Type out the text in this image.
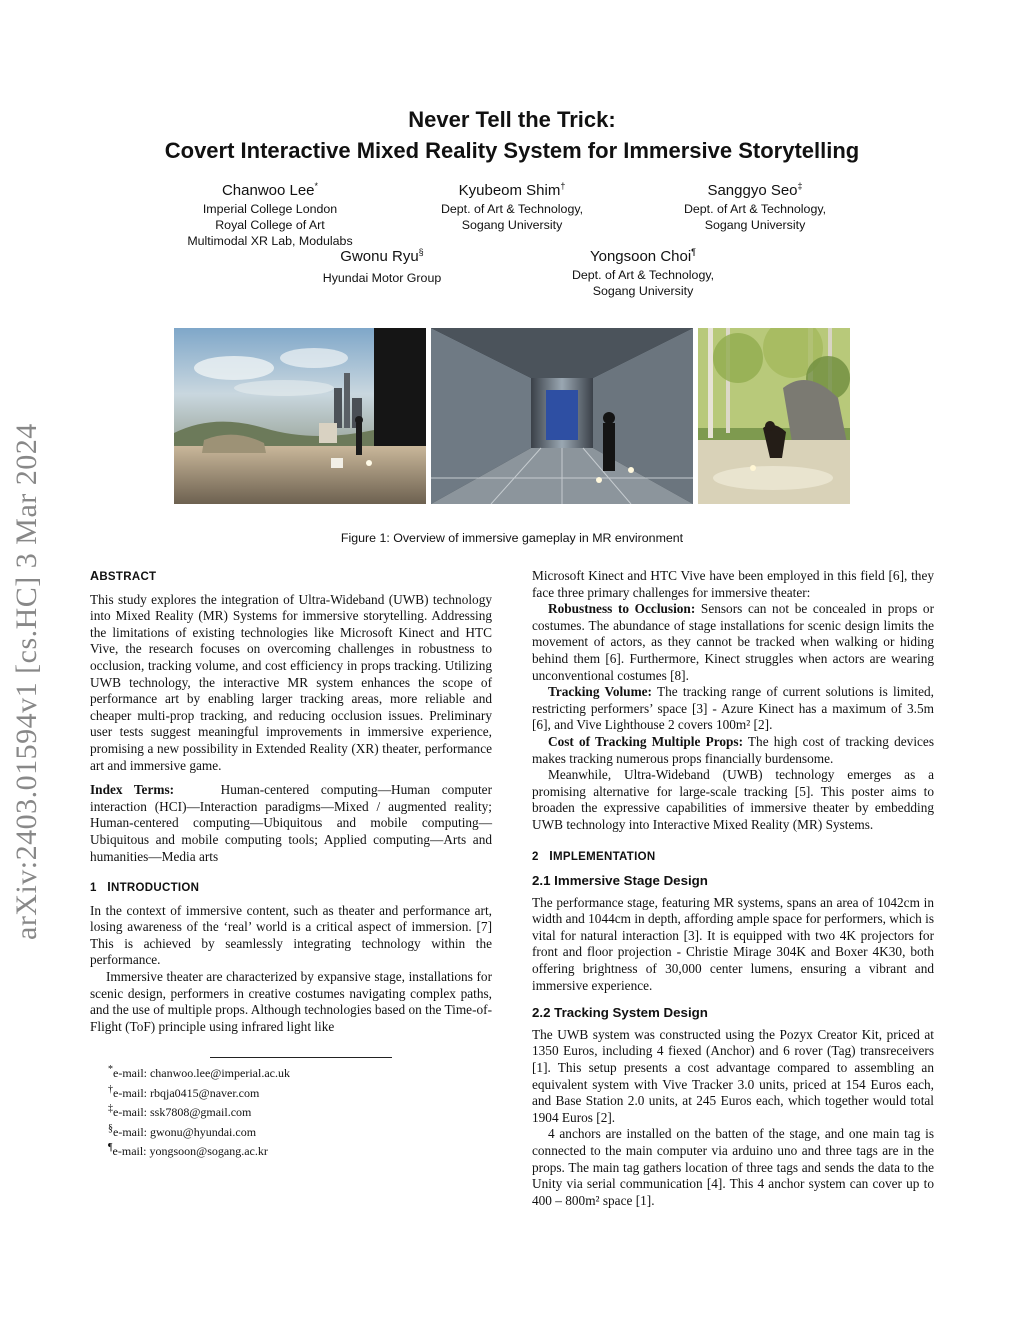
arXiv:2403.01594v1 [cs.HC] 3 Mar 2024
Never Tell the Trick:
Covert Interactive Mixed Reality System for Immersive Storytelling
Chanwoo Lee*
Imperial College London
Royal College of Art
Multimodal XR Lab, Modulabs
Kyubeom Shim†
Dept. of Art & Technology,
Sogang University
Sanggyo Seo‡
Dept. of Art & Technology,
Sogang University
Gwonu Ryu§
Hyundai Motor Group
Yongsoon Choi¶
Dept. of Art & Technology,
Sogang University
Figure 1: Overview of immersive gameplay in MR environment
ABSTRACT

This study explores the integration of Ultra-Wideband (UWB) technology into Mixed Reality (MR) Systems for immersive storytelling. Addressing the limitations of existing technologies like Microsoft Kinect and HTC Vive, the research focuses on overcoming challenges in robustness to occlusion, tracking volume, and cost efficiency in props tracking. Utilizing UWB technology, the interactive MR system enhances the scope of performance art by enabling larger tracking areas, more reliable and cheaper multi-prop tracking, and reducing occlusion issues. Preliminary user tests suggest meaningful improvements in immersive experience, promising a new possibility in Extended Reality (XR) theater, performance art and immersive game.

Index Terms:	Human-centered computing—Human computer interaction (HCI)—Interaction paradigms—Mixed / augmented reality; Human-centered computing—Ubiquitous and mobile computing—Ubiquitous and mobile computing tools; Applied computing—Arts and humanities—Media arts

1 INTRODUCTION

In the context of immersive content, such as theater and performance art, losing awareness of the ‘real’ world is a critical aspect of immersion. [7] This is achieved by seamlessly integrating technology within the performance.

Immersive theater are characterized by expansive stage, installations for scenic design, performers in creative costumes navigating complex paths, and the use of multiple props. Although technologies based on the Time-of-Flight (ToF) principle using infrared light like

*e-mail: chanwoo.lee@imperial.ac.uk
†e-mail: rbqja0415@naver.com
‡e-mail: ssk7808@gmail.com
§e-mail: gwonu@hyundai.com
¶e-mail: yongsoon@sogang.ac.kr

Microsoft Kinect and HTC Vive have been employed in this field [6], they face three primary challenges for immersive theater:

Robustness to Occlusion: Sensors can not be concealed in props or costumes. The abundance of stage installations for scenic design limits the movement of actors, as they cannot be tracked when walking or hiding behind them [6]. Furthermore, Kinect struggles when actors are wearing unconventional costumes [8].

Tracking Volume: The tracking range of current solutions is limited, restricting performers’ space [3] - Azure Kinect has a maximum of 3.5m [6], and Vive Lighthouse 2 covers 100m² [2].

Cost of Tracking Multiple Props: The high cost of tracking devices makes tracking numerous props financially burdensome.

Meanwhile, Ultra-Wideband (UWB) technology emerges as a promising alternative for large-scale tracking [5]. This poster aims to broaden the expressive capabilities of immersive theater by embedding UWB technology into Interactive Mixed Reality (MR) Systems.

2 IMPLEMENTATION
2.1 Immersive Stage Design

The performance stage, featuring MR systems, spans an area of 1042cm in width and 1044cm in depth, affording ample space for performers, which is vital for natural interaction [3]. It is equipped with two 4K projectors for front and floor projection - Christie Mirage 304K and Boxer 4K30, both offering brightness of 30,000 center lumens, ensuring a vibrant and immersive experience.

2.2 Tracking System Design

The UWB system was constructed using the Pozyx Creator Kit, priced at 1350 Euros, including 4 fiexed (Anchor) and 6 rover (Tag) transreceivers [1]. This setup presents a cost advantage compared to assembling an equivalent system with Vive Tracker 3.0 units, priced at 154 Euros each, and Base Station 2.0 units, at 245 Euros each, which together would total 1904 Euros [2].

4 anchors are installed on the batten of the stage, and one main tag is connected to the main computer via arduino uno and three tags are in the props. The main tag gathers location of three tags and sends the data to the Unity via serial communication [4]. This 4 anchor system can cover up to 400 – 800m² space [1].
